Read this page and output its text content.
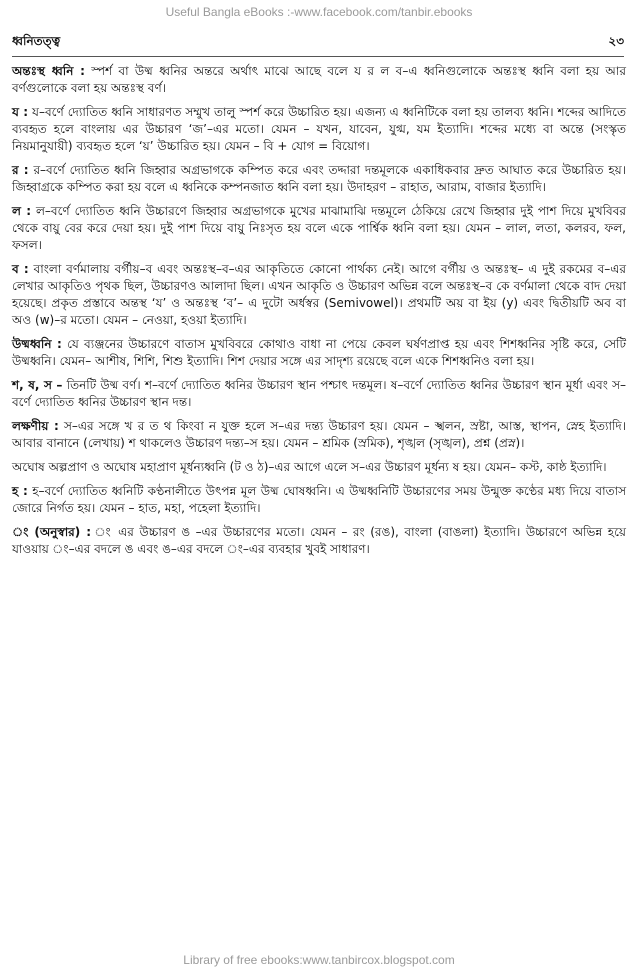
Useful Bangla eBooks :-www.facebook.com/tanbir.ebooks
ধ্বনিতত্ত্ব	২৩

অন্তঃস্থ ধ্বনি : স্পর্শ বা উষ্ম ধ্বনির অন্তরে অর্থাৎ মাঝে আছে বলে য র ল ব–এ ধ্বনিগুলোকে অন্তঃস্থ ধ্বনি বলা হয় আর বর্ণগুলোকে বলা হয় অন্তঃস্থ বর্ণ।

য : য–বর্ণে দ্যোতিত ধ্বনি সাধারণত সম্মুখ তালু স্পর্শ করে উচ্চারিত হয়। এজন্য এ ধ্বনিটিকে বলা হয় তালব্য ধ্বনি। শব্দের আদিতে ব্যবহৃত হলে বাংলায় এর উচ্চারণ ‘জ’–এর মতো। যেমন – যখন, যাবেন, যুগ্ম, যম ইত্যাদি। শব্দের মধ্যে বা অন্তে (সংস্কৃত নিয়মানুযায়ী) ব্যবহৃত হলে ‘য়’ উচ্চারিত হয়। যেমন – বি + যোগ = বিয়োগ।

র : র–বর্ণে দ্যোতিত ধ্বনি জিহ্বার অগ্রভাগকে কম্পিত করে এবং তদ্দারা দন্তমূলকে একাধিকবার দ্রুত আঘাত করে উচ্চারিত হয়। জিহ্বাগ্রকে কম্পিত করা হয় বলে এ ধ্বনিকে কম্পনজাত ধ্বনি বলা হয়। উদাহরণ – রাহাত, আরাম, বাজার ইত্যাদি।

ল : ল–বর্ণে দ্যোতিত ধ্বনি উচ্চারণে জিহ্বার অগ্রভাগকে মুখের মাঝামাঝি দন্তমূলে ঠেকিয়ে রেখে জিহ্বার দুই পাশ দিয়ে মুখবিবর থেকে বায়ু বের করে দেয়া হয়। দুই পাশ দিয়ে বায়ু নিঃসৃত হয় বলে একে পার্শ্বিক ধ্বনি বলা হয়। যেমন – লাল, লতা, কলরব, ফল, ফসল।

ব : বাংলা বর্ণমালায় বর্গীয়–ব এবং অন্তঃস্থ–ব–এর আকৃতিতে কোনো পার্থক্য নেই। আগে বর্গীয় ও অন্তঃস্থ– এ দুই রকমের ব–এর লেখার আকৃতিও পৃথক ছিল, উচ্চারণও আলাদা ছিল। এখন আকৃতি ও উচ্চারণ অভিন্ন বলে অন্তঃস্থ–ব কে বর্ণমালা থেকে বাদ দেয়া হয়েছে। প্রকৃত প্রস্তাবে অন্তস্থ ‘য’ ও অন্তঃস্থ ‘ব’– এ দুটো অর্ধস্বর (Semivowel)। প্রথমটি অয় বা ইয় (y) এবং দ্বিতীয়টি অব বা অও (w)–র মতো। যেমন – নেওয়া, হওয়া ইত্যাদি।

উষ্মধ্বনি : যে ব্যঞ্জনের উচ্চারণে বাতাস মুখবিবরে কোথাও বাধা না পেয়ে কেবল ঘর্ষণপ্রাপ্ত হয় এবং শিশধ্বনির সৃষ্টি করে, সেটি উষ্মধ্বনি। যেমন– আশীষ, শিশি, শিশু ইত্যাদি। শিশ দেয়ার সঙ্গে এর সাদৃশ্য রয়েছে বলে একে শিশধ্বনিও বলা হয়।

শ, ষ, স – তিনটি উষ্ম বর্ণ। শ–বর্ণে দ্যোতিত ধ্বনির উচ্চারণ স্থান পশ্চাৎ দন্তমূল। ষ–বর্ণে দ্যোতিত ধ্বনির উচ্চারণ স্থান মূর্ধা এবং স–বর্ণে দ্যোতিত ধ্বনির উচ্চারণ স্থান দন্ত।

লক্ষণীয় : স–এর সঙ্গে খ র ত থ কিংবা ন যুক্ত হলে স–এর দন্ত্য উচ্চারণ হয়। যেমন – স্খলন, স্রষ্টা, আস্ত, স্থাপন, স্নেহ ইত্যাদি। আবার বানানে (লেখায়) শ থাকলেও উচ্চারণ দন্ত্য–স হয়। যেমন – শ্রমিক (স্রমিক), শৃঙ্খল (সৃঙ্খল), প্রশ্ন (প্রস্ন)।

অঘোষ অল্পপ্রাণ ও অঘোষ মহাপ্রাণ মূর্ধন্যধ্বনি (ট ও ঠ)–এর আগে এলে স–এর উচ্চারণ মূর্ধন্য ষ হয়। যেমন– কস্ট, কাষ্ঠ ইত্যাদি।

হ : হ–বর্ণে দ্যোতিত ধ্বনিটি কণ্ঠনালীতে উৎপন্ন মূল উষ্ম ঘোষধ্বনি। এ উষ্মধ্বনিটি উচ্চারণের সময় উন্মুক্ত কণ্ঠের মধ্য দিয়ে বাতাস জোরে নির্গত হয়। যেমন – হাত, মহা, পহেলা ইত্যাদি।

ং (অনুস্বার) : ং এর উচ্চারণ ঙ –এর উচ্চারণের মতো। যেমন – রং (রঙ), বাংলা (বাঙলা) ইত্যাদি। উচ্চারণে অভিন্ন হয়ে যাওয়ায় ং–এর বদলে ঙ এবং ঙ–এর বদলে ং–এর ব্যবহার খুবই সাধারণ।

Library of free ebooks:www.tanbircox.blogspot.com
